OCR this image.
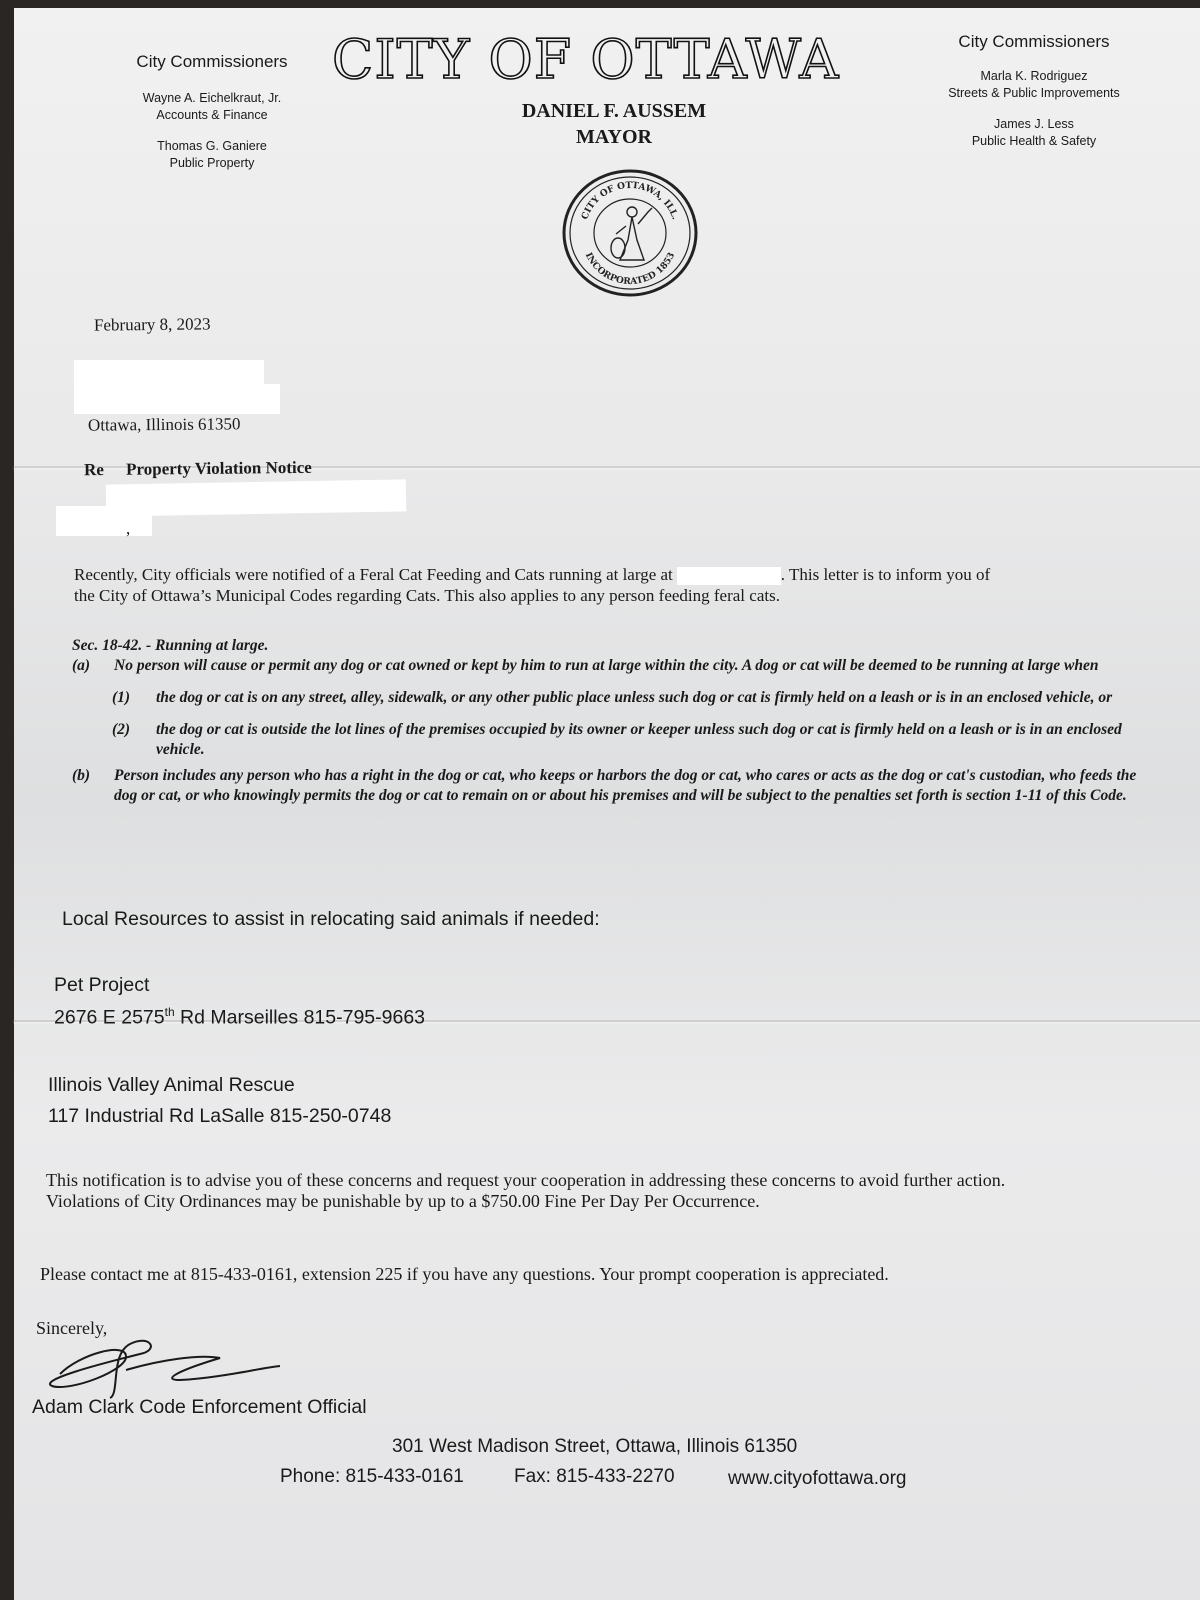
City Commissioners
Wayne A. Eichelkraut, Jr.
Accounts & Finance
Thomas G. Ganiere
Public Property
CITY OF OTTAWA
DANIEL F. AUSSEM
MAYOR
City Commissioners
Marla K. Rodriguez
Streets & Public Improvements
James J. Less
Public Health & Safety
CITY OF OTTAWA, ILL.
INCORPORATED 1853
February 8, 2023
Ottawa, Illinois 61350
Re Property Violation Notice
,
Recently, City officials were notified of a Feral Cat Feeding and Cats running at large at	. This letter is to inform you of
the City of Ottawa’s Municipal Codes regarding Cats. This also applies to any person feeding feral cats.
Sec. 18-42. - Running at large.
(a) No person will cause or permit any dog or cat owned or kept by him to run at large within the city. A dog or cat will be deemed to be running at large when
(1) the dog or cat is on any street, alley, sidewalk, or any other public place unless such dog or cat is firmly held on a leash or is in an enclosed vehicle, or
(2) the dog or cat is outside the lot lines of the premises occupied by its owner or keeper unless such dog or cat is firmly held on a leash or is in an enclosed vehicle.
(b) Person includes any person who has a right in the dog or cat, who keeps or harbors the dog or cat, who cares or acts as the dog or cat's custodian, who feeds the dog or cat, or who knowingly permits the dog or cat to remain on or about his premises and will be subject to the penalties set forth is section 1-11 of this Code.
Local Resources to assist in relocating said animals if needed:
Pet Project
2676 E 2575th Rd Marseilles 815-795-9663
Illinois Valley Animal Rescue
117 Industrial Rd LaSalle 815-250-0748
This notification is to advise you of these concerns and request your cooperation in addressing these concerns to avoid further action.
Violations of City Ordinances may be punishable by up to a $750.00 Fine Per Day Per Occurrence.
Please contact me at 815-433-0161, extension 225 if you have any questions. Your prompt cooperation is appreciated.
Sincerely,
Adam Clark Code Enforcement Official
301 West Madison Street, Ottawa, Illinois 61350
Phone: 815-433-0161	Fax: 815-433-2270	www.cityofottawa.org
